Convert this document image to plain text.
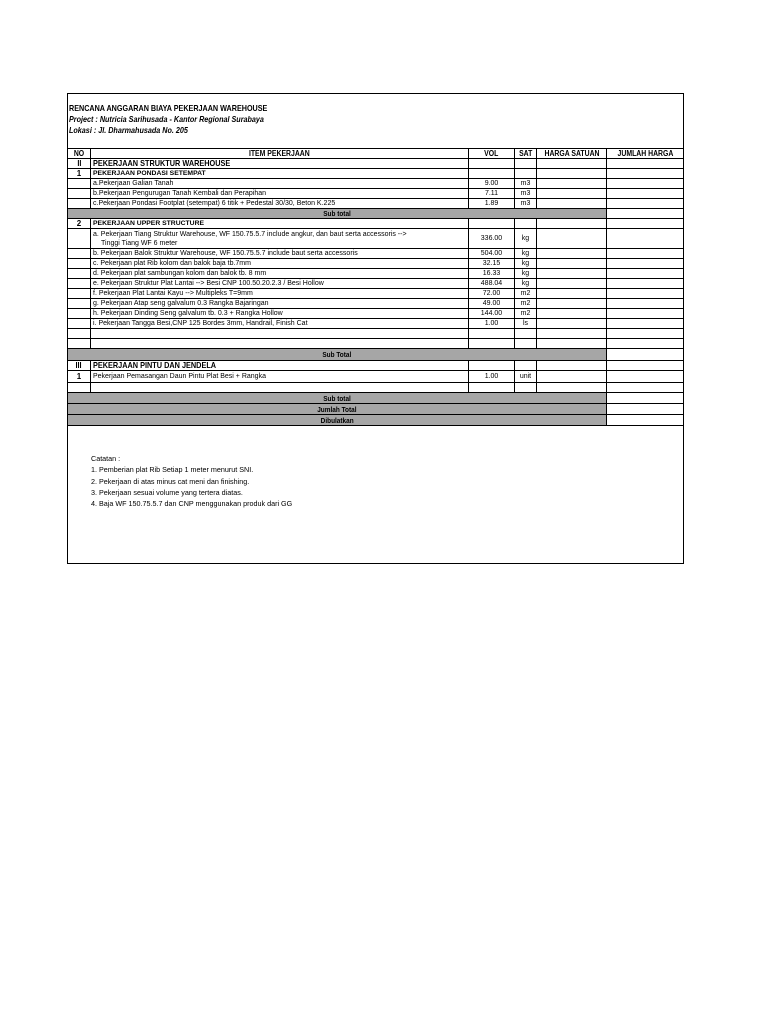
RENCANA ANGGARAN BIAYA PEKERJAAN WAREHOUSE
Project : Nutricia Sarihusada - Kantor Regional Surabaya
Lokasi : Jl. Dharmahusada No. 205
NO	ITEM PEKERJAAN	VOL	SAT	HARGA SATUAN	JUMLAH HARGA
II	PEKERJAAN STRUKTUR WAREHOUSE				
1	PEKERJAAN PONDASI SETEMPAT				
	a.Pekerjaan Galian Tanah	9.00	m3		
	b.Pekerjaan Pengurugan Tanah Kembali dan Perapihan	7.11	m3		
	c.Pekerjaan Pondasi Footplat (setempat) 6 titik + Pedestal 30/30, Beton K.225	1.89	m3		
Sub total					
2	PEKERJAAN UPPER STRUCTURE				
	a. Pekerjaan Tiang Struktur Warehouse, WF 150.75.5.7 include angkur, dan baut serta accessoris -->
Tinggi Tiang WF 6 meter	336.00	kg		
	b. Pekerjaan Balok Struktur Warehouse, WF 150.75.5.7 include baut serta accessoris	504.00	kg		
	c. Pekerjaan plat Rib kolom dan balok baja tb.7mm	32.15	kg		
	d. Pekerjaan plat sambungan kolom dan balok tb. 8 mm	16.33	kg		
	e. Pekerjaan Struktur Plat Lantai --> Besi CNP 100.50.20.2.3 / Besi Hollow	488.04	kg		
	f. Pekerjaan Plat Lantai Kayu --> Multipleks T=9mm	72.00	m2		
	g. Pekerjaan Atap seng galvalum 0.3 Rangka Bajaringan	49.00	m2		
	h. Pekerjaan Dinding Seng galvalum tb. 0.3 + Rangka Hollow	144.00	m2		
	i. Pekerjaan Tangga Besi,CNP 125 Bordes 3mm, Handrail, Finish Cat	1.00	ls		

Sub Total					
III	PEKERJAAN PINTU DAN JENDELA				
1	Pekerjaan Pemasangan Daun Pintu Plat Besi + Rangka	1.00	unit		

Sub total					
Jumlah Total					
Dibulatkan					
Catatan :
1. Pemberian plat Rib Setiap 1 meter menurut SNI.
2. Pekerjaan di atas minus cat meni dan finishing.
3. Pekerjaan sesuai volume yang tertera diatas.
4. Baja WF 150.75.5.7 dan CNP menggunakan produk dari GG
